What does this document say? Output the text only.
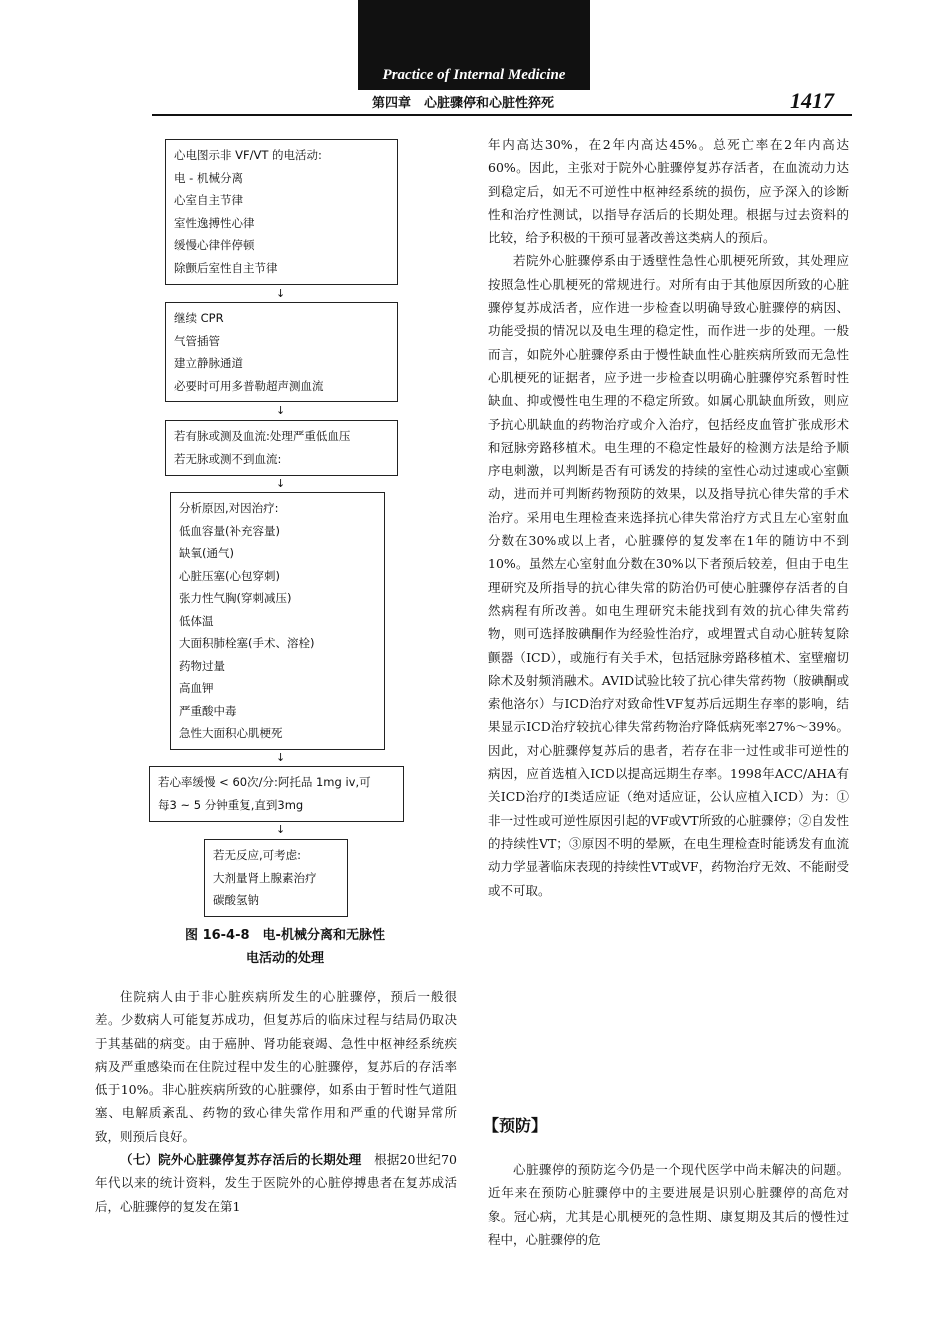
Practice of Internal Medicine
第四章　心脏骤停和心脏性猝死	1417
心电图示非 VF/VT 的电活动:
电 - 机械分离
心室自主节律
室性逸搏性心律
缓慢心律伴停顿
除颤后室性自主节律
↓
继续 CPR
气管插管
建立静脉通道
必要时可用多普勒超声测血流
↓
若有脉或测及血流:处理严重低血压
若无脉或测不到血流:
↓
分析原因,对因治疗:
低血容量(补充容量)
缺氧(通气)
心脏压塞(心包穿刺)
张力性气胸(穿刺减压)
低体温
大面积肺栓塞(手术、溶栓)
药物过量
高血钾
严重酸中毒
急性大面积心肌梗死
↓
若心率缓慢 < 60次/分:阿托品 1mg iv,可
每3 ~ 5 分钟重复,直到3mg
↓
若无反应,可考虑:
大剂量肾上腺素治疗
碳酸氢钠
图 16-4-8　电-机械分离和无脉性
电活动的处理

住院病人由于非心脏疾病所发生的心脏骤停，预后一般很差。少数病人可能复苏成功，但复苏后的临床过程与结局仍取决于其基础的病变。由于癌肿、肾功能衰竭、急性中枢神经系统疾病及严重感染而在住院过程中发生的心脏骤停，复苏后的存活率低于10%。非心脏疾病所致的心脏骤停，如系由于暂时性气道阻塞、电解质紊乱、药物的致心律失常作用和严重的代谢异常所致，则预后良好。

（七）院外心脏骤停复苏存活后的长期处理　根据20世纪70年代以来的统计资料，发生于医院外的心脏停搏患者在复苏成活后，心脏骤停的复发在第1

年内高达30%，在2年内高达45%。总死亡率在2年内高达60%。因此，主张对于院外心脏骤停复苏存活者，在血流动力达到稳定后，如无不可逆性中枢神经系统的损伤，应予深入的诊断性和治疗性测试，以指导存活后的长期处理。根据与过去资料的比较，给予积极的干预可显著改善这类病人的预后。

若院外心脏骤停系由于透壁性急性心肌梗死所致，其处理应按照急性心肌梗死的常规进行。对所有由于其他原因所致的心脏骤停复苏成活者，应作进一步检查以明确导致心脏骤停的病因、功能受损的情况以及电生理的稳定性，而作进一步的处理。一般而言，如院外心脏骤停系由于慢性缺血性心脏疾病所致而无急性心肌梗死的证据者，应予进一步检查以明确心脏骤停究系暂时性缺血、抑或慢性电生理的不稳定所致。如属心肌缺血所致，则应予抗心肌缺血的药物治疗或介入治疗，包括经皮血管扩张成形术和冠脉旁路移植术。电生理的不稳定性最好的检测方法是给予顺序电刺激，以判断是否有可诱发的持续的室性心动过速或心室颤动，进而并可判断药物预防的效果，以及指导抗心律失常的手术治疗。采用电生理检查来选择抗心律失常治疗方式且左心室射血分数在30%或以上者，心脏骤停的复发率在1年的随访中不到10%。虽然左心室射血分数在30%以下者预后较差，但由于电生理研究及所指导的抗心律失常的防治仍可使心脏骤停存活者的自然病程有所改善。如电生理研究未能找到有效的抗心律失常药物，则可选择胺碘酮作为经验性治疗，或埋置式自动心脏转复除颤器（ICD），或施行有关手术，包括冠脉旁路移植术、室壁瘤切除术及射频消融术。AVID试验比较了抗心律失常药物（胺碘酮或索他洛尔）与ICD治疗对致命性VF复苏后远期生存率的影响，结果显示ICD治疗较抗心律失常药物治疗降低病死率27%～39%。因此，对心脏骤停复苏后的患者，若存在非一过性或非可逆性的病因，应首选植入ICD以提高远期生存率。1998年ACC/AHA有关ICD治疗的Ⅰ类适应证（绝对适应证，公认应植入ICD）为：①非一过性或可逆性原因引起的VF或VT所致的心脏骤停；②自发性的持续性VT；③原因不明的晕厥，在电生理检查时能诱发有血流动力学显著临床表现的持续性VT或VF，药物治疗无效、不能耐受或不可取。

【预防】

心脏骤停的预防迄今仍是一个现代医学中尚未解决的问题。近年来在预防心脏骤停中的主要进展是识别心脏骤停的高危对象。冠心病，尤其是心肌梗死的急性期、康复期及其后的慢性过程中，心脏骤停的危
